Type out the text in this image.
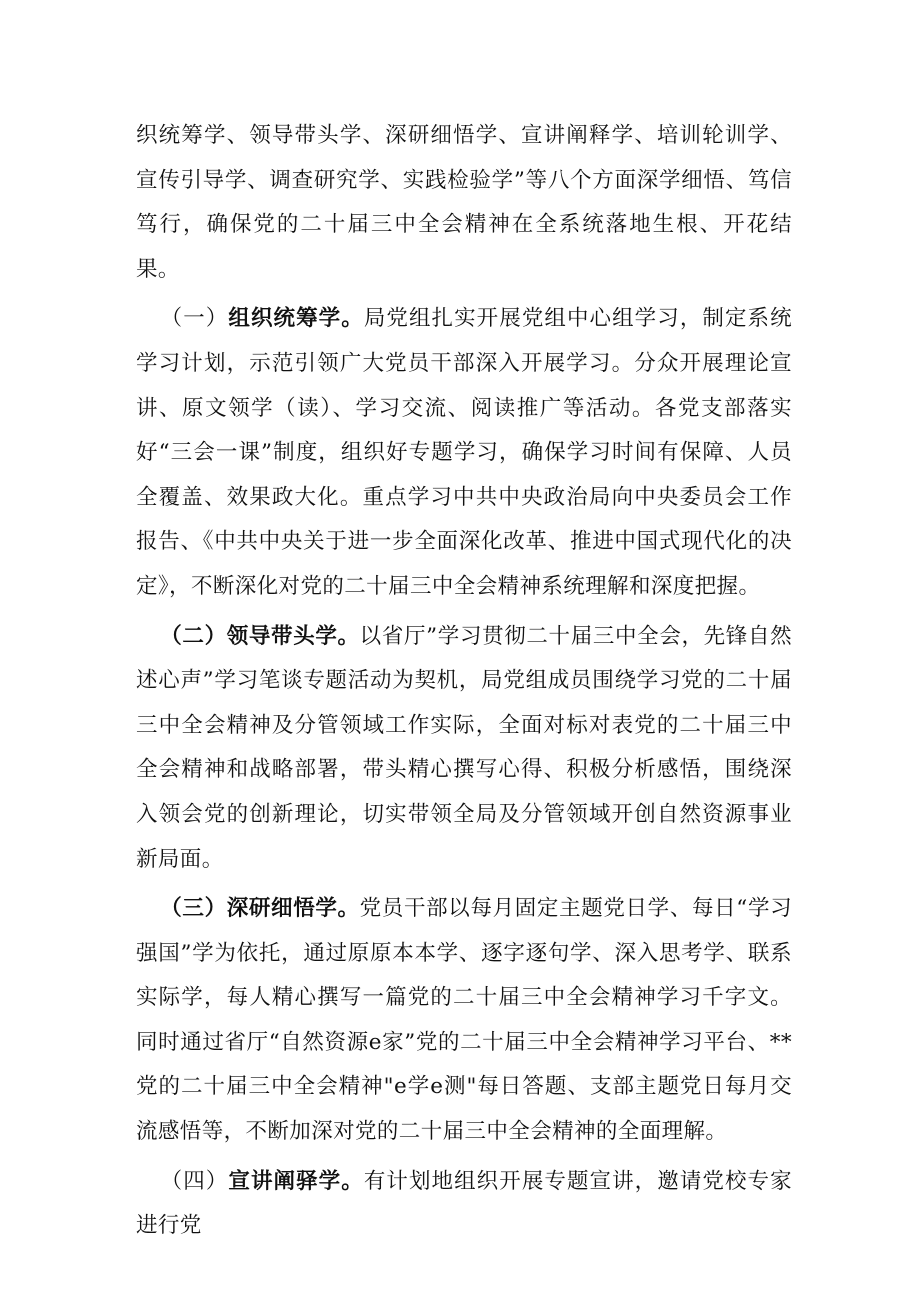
织统筹学、领导带头学、深研细悟学、宣讲阐释学、培训轮训学、宣传引导学、调查研究学、实践检验学”等八个方面深学细悟、笃信笃行，确保党的二十届三中全会精神在全系统落地生根、开花结果。

（一）组织统筹学。局党组扎实开展党组中心组学习，制定系统学习计划，示范引领广大党员干部深入开展学习。分众开展理论宣讲、原文领学（读）、学习交流、阅读推广等活动。各党支部落实好“三会一课”制度，组织好专题学习，确保学习时间有保障、人员全覆盖、效果政大化。重点学习中共中央政治局向中央委员会工作报告、《中共中央关于进一步全面深化改革、推进中国式现代化的决定》，不断深化对党的二十届三中全会精神系统理解和深度把握。

（二）领导带头学。以省厅”学习贯彻二十届三中全会，先锋自然述心声”学习笔谈专题活动为契机，局党组成员围绕学习党的二十届三中全会精神及分管领域工作实际，全面对标对表党的二十届三中全会精神和战略部署，带头精心撰写心得、积极分析感悟，围绕深入领会党的创新理论，切实带领全局及分管领域开创自然资源事业新局面。

（三）深研细悟学。党员干部以每月固定主题党日学、每日“学习强国”学为依托，通过原原本本学、逐字逐句学、深入思考学、联系实际学，每人精心撰写一篇党的二十届三中全会精神学习千字文。同时通过省厅“自然资源e家”党的二十届三中全会精神学习平台、**党的二十届三中全会精神"e学e测"每日答题、支部主题党日每月交流感悟等，不断加深对党的二十届三中全会精神的全面理解。

（四）宣讲阐驿学。有计划地组织开展专题宣讲，邀请党校专家进行党
